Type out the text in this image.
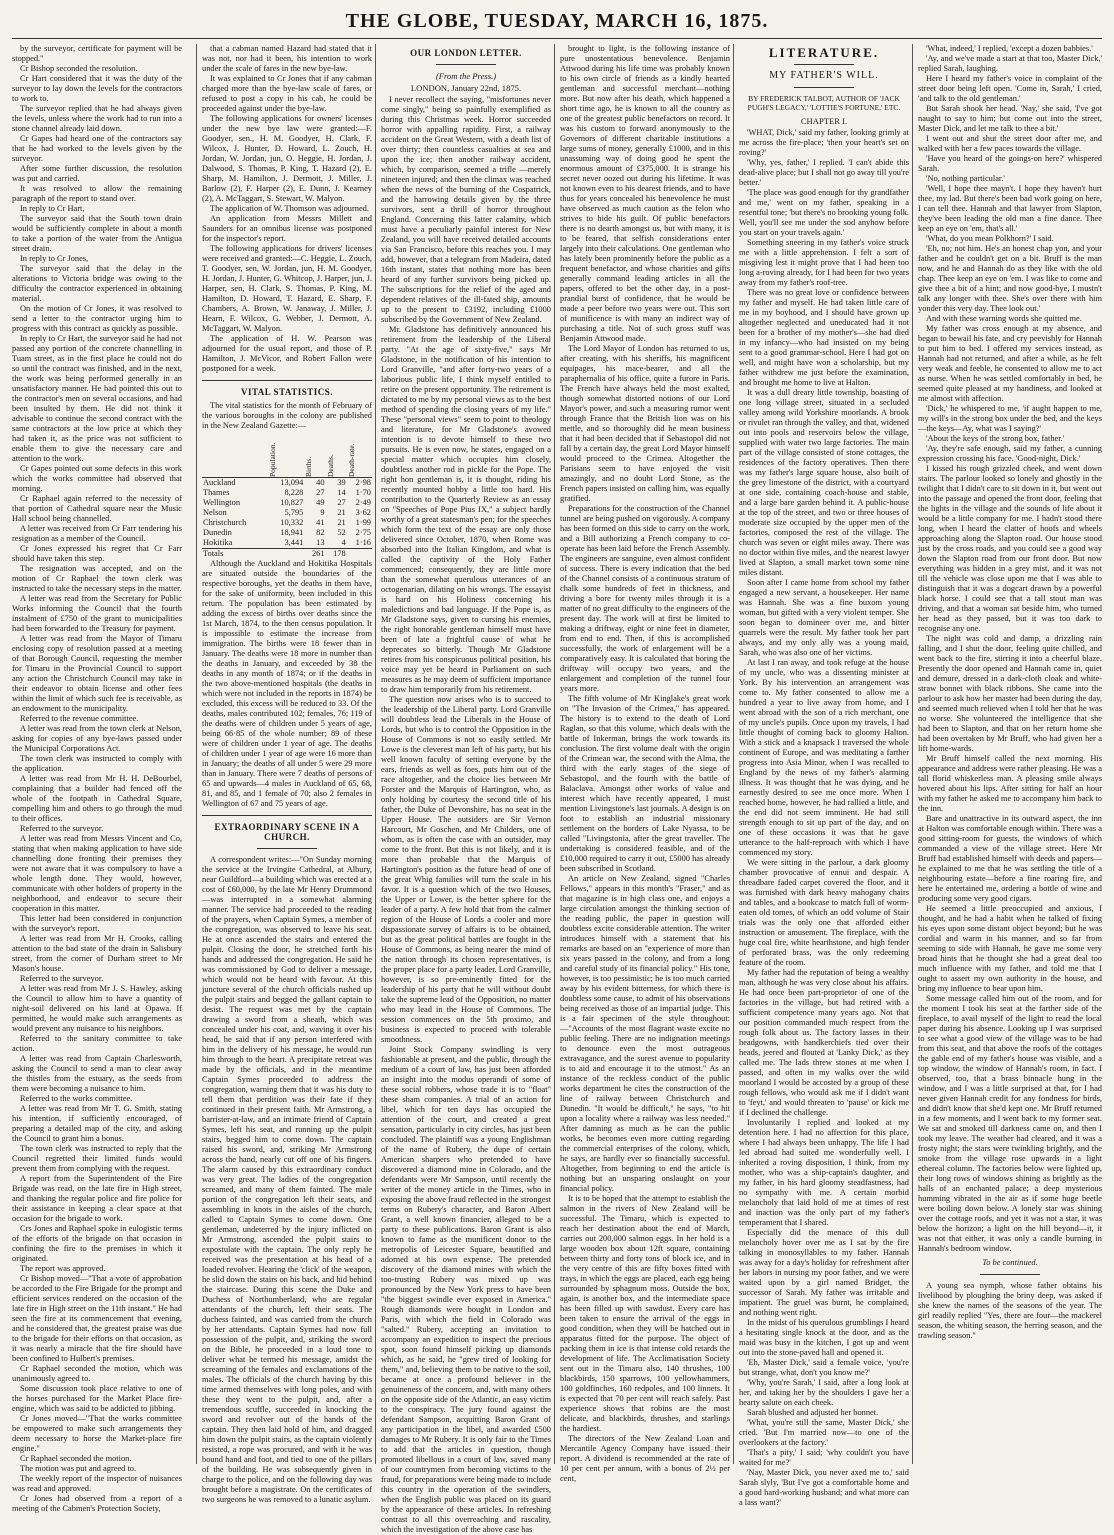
THE GLOBE, TUESDAY, MARCH 16, 1875.

by the surveyor, certificate for payment will be stopped."

Cr Bishop seconded the resolution.

Cr Hart considered that it was the duty of the surveyor to lay down the levels for the contractors to work to.

The surveyor replied that he had always given the levels, unless where the work had to run into a stone channel already laid down.

Cr Gapes had heard one of the contractors say that he had worked to the levels given by the surveyor.

After some further discussion, the resolution was put and carried.

It was resolved to allow the remaining paragraph of the report to stand over.

In reply to Cr Hart,

The surveyor said that the South town drain would be sufficiently complete in about a month to take a portion of the water from the Antigua street drain.

In reply to Cr Jones,

The surveyor said that the delay in the alterations to Victoria bridge was owing to the difficulty the contractor experienced in obtaining material.

On the motion of Cr Jones, it was resolved to send a letter to the contractor urging him to progress with this contract as quickly as possible.

In reply to Cr Hart, the surveyor said he had not passed any portion of the concrete channelling in Tuam street, as in the first place he could not do so until the contract was finished, and in the next, the work was being performed generally in an unsatisfactory manner. He had pointed this out to the contractor's men on several occasions, and had been insulted by them. He did not think it advisable to continue the second contract with the same contractors at the low price at which they had taken it, as the price was not sufficient to enable them to give the necessary care and attention to the work.

Cr Gapes pointed out some defects in this work which the works committee had observed that morning.

Cr Raphael again referred to the necessity of that portion of Cathedral square near the Music Hall school being channelled.

A letter was received from Cr Farr tendering his resignation as a member of the Council.

Cr Jones expressed his regret that Cr Farr should have taken this step.

The resignation was accepted, and on the motion of Cr Raphael the town clerk was instructed to take the necessary steps in the matter.

A letter was read from the Secretary for Public Works informing the Council that the fourth instalment of £750 of the grant to municipalities had been forwarded to the Treasury for payment.

A letter was read from the Mayor of Timaru enclosing copy of resolution passed at a meeting of that Borough Council, requesting the member for Timaru in the Provincial Council to support any action the Christchurch Council may take in their endeavor to obtain license and other fees within the limit of which such fee is receivable, as an endowment to the municipality.

Referred to the revenue committee.

A letter was read from the town clerk at Nelson, asking for copies of any bye-laws passed under the Municipal Corporations Act.

The town clerk was instructed to comply with the application.

A letter was read from Mr H. H. DeBourbel, complaining that a builder had fenced off the whole of the footpath in Cathedral Square, compelling him and others to go through the mud to their offices.

Referred to the surveyor.

A letter was read from Messrs Vincent and Co, stating that when making application to have side channelling done fronting their premises they were not aware that it was compulsory to have a whole length done. They would, however, communicate with other holders of property in the neighborhood, and endeavor to secure their cooperation in this matter.

This letter had been considered in conjunction with the surveyor's report.

A letter was read from Mr H. Crooks, calling attention to the bad state of the drain in Salisbury street, from the corner of Durham street to Mr Mason's house.

Referred to the surveyor.

A letter was read from Mr J. S. Hawley, asking the Council to allow him to have a quantity of night-soil delivered on his land at Opawa. If permitted, he would make such arrangements as would prevent any nuisance to his neighbors.

Referred to the sanitary committee to take action.

A letter was read from Captain Charlesworth, asking the Council to send a man to clear away the thistles from the estuary, as the seeds from them were becoming a nuisance to him.

Referred to the works committee.

A letter was read from Mr T. G. Smith, stating his intention, if sufficiently encouraged, of preparing a detailed map of the city, and asking the Council to grant him a bonus.

The town clerk was instructed to reply that the Council regretted their limited funds would prevent them from complying with the request.

A report from the Superintendent of the Fire Brigade was read, on the late fire in High street, and thanking the regular police and fire police for their assistance in keeping a clear space at that occasion for the brigade to work.

Crs Jones and Raphael spoke in eulogistic terms of the efforts of the brigade on that occasion in confining the fire to the premises in which it originated.

The report was approved.

Cr Bishop moved—"That a vote of approbation be accorded to the Fire Brigade for the prompt and efficient services rendered on the occasion of the late fire in High street on the 11th instant." He had seen the fire at its commencement that evening, and he considered that, the greatest praise was due to the brigade for their efforts on that occasion, as it was nearly a miracle that the fire should have been confined to Hulbert's premises.

Cr Raphael seconded the motion, which was unanimously agreed to.

Some discussion took place relative to one of the horses purchased for the Market Place fire-engine, which was said to be addicted to jibbing.

Cr Jones moved—"That the works committee be empowered to make such arrangements they deem necessary to horse the Market-place fire engine."

Cr Raphael seconded the motion.

The motion was put and agreed to.

The weekly report of the inspector of nuisances was read and approved.

Cr Jones had observed from a report of a meeting of the Cabmen's Protection Society,

that a cabman named Hazard had stated that it was not, nor had it been, his intention to work under the scale of fares in the new bye-law.

It was explained to Cr Jones that if any cabman charged more than the bye-law scale of fares, or refused to post a copy in his cab, he could be proceeded against under the bye-law.

The following applications for owners' licenses under the new bye law were granted:—F. Goodyer, sen., H. M. Goodyer, H. Clark, F. Wilcox, J. Hunter, D. Howard, L. Zouch, H. Jordan, W. Jordan, jun, O. Heggie, H. Jordan, J. Dalwood, S. Thomas, P. King, T. Hazard (2), E. Sharp, M. Hamilton, J. Dermott, J. Miller, J. Barlow (2), F. Harper (2), E. Dunn, J. Kearney (2), A. McTaggart, S. Stewart, W. Malyon.

The application of W. Thomson was adjourned.

An application from Messrs Millett and Saunders for an omnibus license was postponed for the inspector's report.

The following applications for drivers' licenses were received and granted:—C. Heggie, L. Zouch, T. Goodyer, sen, W. Jordan, jun, H. M. Goodyer, H. Jordan, J. Hunter, G. Whitcop, J. Harper, jun, J. Harper, sen, H. Clark, S. Thomas, P. King, M. Hamilton, D. Howard, T. Hazard, E. Sharp, F. Chambers, A. Brown, W. Janaway, J. Miller, J. Hearn, F. Wilcox, G. Webber, J. Dermott, A. McTaggart, W. Malyon.

The application of H. W. Pearson was adjourned for the usual report, and those of P. Hamilton, J. McVicor, and Robert Fallon were postponed for a week.

VITAL STATISTICS.

The vital statistics for the month of February of the various boroughs in the colony are published in the New Zealand Gazette:—

	Population.	Births.	Deaths.	Death-rate.
Auckland	13,094	40	39	2·98
Thames	8,228	27	14	1·70
Wellington	10,827	49	27	2·49
Nelson	5,795	9	21	3·62
Christchurch	10,332	41	21	1·99
Dunedin	18,941	82	52	2·75
Hokitika	3,441	13	4	1·16
Totals		261	178	

Although the Auckland and Hokitika Hospitals are situated outside the boundaries of the respective boroughs, yet the deaths in them have, for the sake of uniformity, been included in this return. The population has been estimated by adding the excess of births over deaths since the 1st March, 1874, to the then census population. It is impossible to estimate the increase from immigration. The births were 18 fewer than in January. The deaths were 18 more in number than the deaths in January, and exceeded by 38 the deaths in any month of 1874; or if the deaths in the two above-mentioned hospitals (the deaths in which were not included in the reports in 1874) be excluded, this excess will be reduced to 33. Of the deaths, males contributed 102; females, 76; 119 of the deaths were of children under 5 years of age, being 66·85 of the whole number; 89 of these were of children under 1 year of age. The deaths of children under 1 year of age were 16 more than in January; the deaths of all under 5 were 29 more than in January. There were 7 deaths of persons of 65 and upwards—4 males in Auckland of 65, 68, 81, and 85, and 1 female of 70; also 2 females in Wellington of 67 and 75 years of age.

EXTRAORDINARY SCENE IN A CHURCH.

A correspondent writes:—"On Sunday morning the service at the Irvingite Cathedral, at Albury, near Guildford—a building which was erected at a cost of £60,000, by the late Mr Henry Drummond—was interrupted in a somewhat alarming manner. The service had proceeded to the reading of the prayers, when Captain Symes, a member of the congregation, was observed to leave his seat. He at once ascended the stairs and entered the pulpit. Closing the door, he stretched forth his hands and addressed the congregation. He said he was commissioned by God to deliver a message, which would not be heard with favour. At this juncture several of the church officials rushed up the pulpit stairs and begged the gallant captain to desist. The request was met by the captain drawing a sword from a sheath, which was concealed under his coat, and, waving it over his head, he said that if any person interfered with him in the delivery of his message, he would run him through to the heart. A precipitate retreat was made by the officials, and in the meantime Captain Symes proceeded to address the congregation, warning them that it was his duty to tell them that perdition was their fate if they continued in their present faith. Mr Armstrong, a barrister-at-law, and an intimate friend of Captain Symes, left his seat, and running up the pulpit stairs, begged him to come down. The captain raised his sword, and, striking Mr Armstrong across the hand, nearly cut off one of his fingers. The alarm caused by this extraordinary conduct was very great. The ladies of the congregation screamed, and many of them fainted. The male portion of the congregation left their seats, and assembling in knots in the aisles of the church, called to Captain Symes to come down. One gentleman, undeterred by the injury inflicted on Mr Armstrong, ascended the pulpit stairs to expostulate with the captain. The only reply he received was the presentation at his head of a loaded revolver. Hearing the 'click' of the weapon, he slid down the stairs on his back, and hid behind the staircase. During this scene the Duke and Duchess of Northumberland, who are regular attendants of the church, left their seats. The duchess fainted, and was carried from the church by her attendants. Captain Symes had now full possession of the pulpit, and, striking the sword on the Bible, he proceeded in a loud tone to deliver what he termed his message, amidst the screaming of the females and exclamations of the males. The officials of the church having by this time armed themselves with long poles, and with these they went to the pulpit, and, after a tremendous scuffle, succeeded in knocking the sword and revolver out of the hands of the captain. They then laid hold of him, and dragged him down the pulpit stairs, as the captain violently resisted, a rope was procured, and with it he was bound hand and foot, and tied to one of the pillars of the building. He was subsequently given in charge to the police, and on the following day was brought before a magistrate. On the certificates of two surgeons he was removed to a lunatic asylum.

OUR LONDON LETTER.
(From the Press.)
LONDON, January 22nd, 1875.

I never recollect the saying, "misfortunes never come singly," being so painfully exemplified as during this Christmas week. Horror succeeded horror with appalling rapidity. First, a railway accident on the Great Western, with a death list of over thirty; then countless casualties at sea and upon the ice; then another railway accident, which, by comparison, seemed a trifle —merely nineteen injured; and then the climax was reached when the news of the burning of the Cospatrick, and the harrowing details given by the three survivors, sent a thrill of horror throughout England. Concerning this latter calamity, which must have a peculiarly painful interest for New Zealand, you will have received detailed accounts via San Francisco, before this reaches you. I may add, however, that a telegram from Madeira, dated 16th instant, states that nothing more has been heard of any further survivors being picked up. The subscriptions for the relief of the aged and dependent relatives of the ill-fated ship, amounts up to the present to £3192, including £1000 subscribed by the Government of New Zealand.

Mr. Gladstone has definitively announced his retirement from the leadership of the Liberal party. "At the age of sixty-five," says Mr Gladstone, in the notification of his intention to Lord Granville, "and after forty-two years of a laborious public life, I think myself entitled to retire on the present opportunity. The retirement is dictated to me by my personal views as to the best method of spending the closing years of my life." These "personal views" seem to point to theology and literature, for Mr Gladstone's avowed intention is to devote himself to these two pursuits. He is even now, he states, engaged on a special matter which occupies him closely, doubtless another rod in pickle for the Pope. The right hon gentleman is, it is thought, riding his recently mounted hobby a little too hard. His contribution to the Quarterly Review as an essay on "Speeches of Pope Pius IX," a subject hardly worthy of a great statesman's pen; for the speeches which form the text of the essay are only those delivered since October, 1870, when Rome was absorbed into the Italian Kingdom, and what is called the captivity of the Holy Father commenced; consequently, they are little more than the somewhat querulous utterances of an octogenarian, dilating on his wrongs. The essayist is hard on his Holiness concerning his maledictions and bad language. If the Pope is, as Mr Gladstone says, given to cursing his enemies, the right honorable gentleman himself must have been of late a frightful cause of what he deprecates so bitterly. Though Mr Gladstone retires from his conspicuous political position, his voice may yet be heard in Parliament on such measures as he may deem of sufficient importance to draw him temporarily from his retirement.

The question now arises who is to succeed to the leadership of the Liberal party. Lord Granville will doubtless lead the Liberals in the House of Lords, but who is to control the Opposition in the House of Commons is not so easily settled. Mr Lowe is the cleverest man left of his party, but his well known faculty of setting everyone by the ears, friends as well as foes, puts him out of the race altogether, and the choice lies between Mr Forster and the Marquis of Hartington, who, as only holding by courtesy the second title of his father, the Duke of Devonshire, has no seat in the Upper House. The outsiders are Sir Vernon Harcourt, Mr Goschen, and Mr Childers, one of whom, as is often the case with an outsider, may come to the front. But this is not likely, and it is more than probable that the Marquis of Hartington's position as the future head of one of the great Whig families will turn the scale in his favor. It is a question which of the two Houses, the Upper or Lower, is the better sphere for the leader of a party. A few hold that from the calmer region of the House of Lords a cooler and more dispassionate survey of affairs is to be obtained, but as the great political battles are fought in the House of Commons, as being nearer the mind of the nation through its chosen representatives, is the proper place for a party leader. Lord Granville, however, is so pre-eminently fitted for the leadership of his party that he will without doubt take the supreme lead of the Opposition, no matter who may lead in the House of Commons. The session commences on the 5th proximo, and business is expected to proceed with tolerable smoothness.

Joint Stock Company swindling is very fashionable at present, and the public, through the medium of a court of law, has just been afforded an insight into the modus operandi of some of these social robbers, whose trade it is to "float" these sham companies. A trial of an action for libel, which for ten days has occupied the attention of the court, and created a great sensation, particularly in city circles, has just been concluded. The plaintiff was a young Englishman of the name of Rubery, the dupe of certain American sharpers who pretended to have discovered a diamond mine in Colorado, and the defendants were Mr Sampson, until recently the writer of the money article in the Times, who in exposing the above fraud reflected in the strongest terms on Rubery's character, and Baron Albert Grant, a well known financier, alleged to be a party to these publications. Baron Grant is also known to fame as the munificent donor to the metropolis of Leicester Square, beautified and adorned at his own expense. The pretended discovery of the diamond mines with which the too-trusting Rubery was mixed up was pronounced by the New York press to have been "the biggest swindle ever exposed in America." Rough diamonds were bought in London and Paris, with which the field in Colorado was "salted." Rubery, accepting an invitation to accompany an expedition to inspect the precious spot, soon found himself picking up diamonds which, as he said, he "grew tired of looking for them," and, believing them to be native to the soil, became at once a profound believer in the genuineness of the concern, and, with many others on the opposite side of the Atlantic, an easy victim to the conspiracy. The jury found against the defendant Sampson, acquitting Baron Grant of any participation in the libel, and awarded £500 damages to Mr Rubery. It is only fair to the Times to add that the articles in question, though promoted libellous in a court of law, saved many of our countrymen from becoming victims to the fraud, for preparations were being made to include this country in the operation of the swindlers, when the English public was placed on its guard by the appearance of these articles. In refreshing contrast to all this overreaching and rascality, which the investigation of the above case has

brought to light, is the following instance of pure unostentatious benevolence. Benjamin Attwood during his life time was probably known to his own circle of friends as a kindly hearted gentleman and successful merchant—nothing more. But now after his death, which happened a short time ago, he is known to all the country as one of the greatest public benefactors on record. It was his custom to forward anonymously to the Governors of different charitable institutions a large sums of money, generally £1000, and in this unassuming way of doing good he spent the enormous amount of £375,000. It is strange his secret never oozed out during his lifetime. It was not known even to his dearest friends, and to have thus for years concealed his benevolence he must have observed as much caution as the felon who strives to hide his guilt. Of public benefactors there is no dearth amongst us, but with many, it is to be feared, that selfish considerations enter largely into their calculations. One gentleman who has lately been prominently before the public as a frequent benefactor, and whose charities and gifts generally command leading articles in all the papers, offered to bet the other day, in a post-prandial burst of confidence, that he would be made a peer before two years were out. This sort of munificence is with many an indirect way of purchasing a title. Not of such gross stuff was Benjamin Attwood made.

The Lord Mayor of London has returned to us, after creating, with his sheriffs, his magnificent equipages, his mace-bearer, and all the paraphernalia of his office, quite a furore in Paris. The French have always held the most exalted, though somewhat distorted notions of our Lord Mayor's power, and such a measuring rumor went through France that the British lion was on his mettle, and so thoroughly did he mean business that it had been decided that if Sebastopol did not fall by a certain day, the great Lord Mayor himself would proceed to the Crimea. Altogether the Parisians seem to have enjoyed the visit amazingly, and no doubt Lord Stone, as the French papers insisted on calling him, was equally gratified.

Preparations for the construction of the Channel tunnel are being pushed on vigorously. A company has been formed on this side to carry on the work, and a Bill authorizing a French company to co-operate has been laid before the French Assembly. The engineers are sanguine, even almost confident of success. There is every indication that the bed of the Channel consists of a continuous stratum of chalk some hundreds of feet in thickness, and driving a bore for twenty miles through it is a matter of no great difficulty to the engineers of the present day. The work will at first be limited to making a driftway, eight or nine feet in diameter, from end to end. Then, if this is accomplished successfully, the work of enlargement will be a comparatively easy. It is calculated that boring the driftway will occupy two years, and the enlargement and completion of the tunnel four years more.

The fifth volume of Mr Kinglake's great work on "The Invasion of the Crimea," has appeared. The history is to extend to the death of Lord Raglan, so that this volume, which deals with the battle of Inkerman, brings the work towards its conclusion. The first volume dealt with the origin of the Crimean war, the second with the Alma, the third with the early stages of the siege of Sebastopol, and the fourth with the battle of Balaclava. Amongst other works of value and interest which have recently appeared, I must mention Livingstone's last journals. A design is on foot to establish an industrial missionary settlement on the borders of Lake Nyassa, to be called "Livingstonia, after the great traveller. The undertaking is considered feasible, and of the £10,000 required to carry it out, £5000 has already been subscribed in Scotland.

An article on New Zealand, signed "Charles Fellows," appears in this month's "Fraser," and as that magazine is in high class one, and enjoys a large circulation amongst the thinking section of the reading public, the paper in question will doubtless excite considerable attention. The writer introduces himself with a statement that his remarks are based on an "experience of more than six years passed in the colony, and from a long and careful study of its financial policy." His tone, however, is too pessimistic; he is too much carried away by his evident bitterness, for which there is doubtless some cause, to admit of his observations being received as those of an impartial judge. This is a fair specimen of the style throughout:—"Accounts of the most flagrant waste excite no public feeling. There are no indignation meetings to denounce even the most outrageous extravagance, and the surest avenue to popularity is to aid and encourage it to the utmost." As an instance of the reckless conduct of the public works department he cites the construction of the line of railway between Christchurch and Dunedin. "It would be difficult," he says, "to hit upon a locality where a railway was less needed." After damning as much as he can the public works, he becomes even more cutting regarding the commercial enterprises of the colony, which, he says, are hardly ever so financially successful. Altogether, from beginning to end the article is nothing but an unsparing onslaught on your financial policy.

It is to be hoped that the attempt to establish the salmon in the rivers of New Zealand will be successful. The Timaru, which is expected to reach her destination about the end of March, carries out 200,000 salmon eggs. In her hold is a large wooden box about 12ft square, containing between thirty and forty tons of block ice, and in the very centre of this are fifty boxes fitted with trays, in which the eggs are placed, each egg being surrounded by sphagnum moss. Outside the box, again, is another box, and the intermediate space has been filled up with sawdust. Every care has been taken to ensure the arrival of the eggs in good condition, when they will be hatched out in apparatus fitted for the purpose. The object of packing them in ice is that intense cold retards the development of life. The Acclimatisation Society sent out in the Timaru also, 140 thrushes, 100 blackbirds, 150 sparrows, 100 yellowhammers, 100 goldfinches, 160 redpoles, and 100 linnets. It is expected that 70 per cent will reach safely. Past experience shows that robins are the most delicate, and blackbirds, thrushes, and starlings the hardiest.

The directors of the New Zealand Loan and Mercantile Agency Company have issued their report. A dividend is recommended at the rate of 10 per cent per annum, with a bonus of 2½ per cent,

LITERATURE.
MY FATHER'S WILL.
BY FREDERICK TALBOT, AUTHOR OF 'JACK PUGH'S LEGACY,' 'LOTTIE'S FORTUNE,' ETC.
CHAPTER I.

'WHAT, Dick,' said my father, looking grimly at me across the fire-place; 'then your heart's set on roving?'

'Why, yes, father,' I replied. 'I can't abide this dead-alive place; but I shall not go away till you're better.'

'The place was good enough for thy grandfather and me,' went on my father, speaking in a resentful tone; 'but there's no brooking young folk. Well, you'll see me under the sod anyhow before you start on your travels again.'

Something sneering in my father's voice struck me with a little apprehension. I felt a sort of misgiving lest it might prove that I had been too long a-roving already, for I had been for two years away from my father's roof-tree.

There was no great love or confidence between my father and myself. He had taken little care of me in my boyhood, and I should have grown up altogether neglected and uneducated had it not been for a brother of my mother's—she had died in my infancy—who had insisted on my being sent to a good grammar-school. Here I had got on well, and might have won a scholarship, but my father withdrew me just before the examination, and brought me home to live at Halton.

It was a dull dreary little township, boasting of one long village street, situated in a secluded valley among wild Yorkshire moorlands. A brook or rivulet ran through the valley, and that, widened out into pools and reservoirs below the village, supplied with water two large factories. The main part of the village consisted of stone cottages, the residences of the factory operatives. Then there was my father's large square house, also built of the grey limestone of the district, with a courtyard at one side, containing coach-house and stable, and a large bare garden behind it. A public-house at the top of the street, and two or three houses of moderate size occupied by the upper men of the factories, composed the rest of the village. The church was seven or eight miles away. There was no doctor within five miles, and the nearest lawyer lived at Slapton, a small market town some nine miles distant.

Soon after I came home from school my father engaged a new servant, a housekeeper. Her name was Hannah. She was a fine buxom young woman, but gifted with a very violent temper. She soon began to domineer over me, and bitter quarrels were the result. My father took her part always, and my only ally was a young maid, Sarah, who was also one of her victims.

At last I ran away, and took refuge at the house of my uncle, who was a dissenting minister at York. By his intervention an arrangement was come to. My father consented to allow me a hundred a year to live away from home, and I went abroad with the son of a rich merchant, one of my uncle's pupils. Once upon my travels, I had little thought of coming back to gloomy Halton. With a stick and a knapsack I traversed the whole continent of Europe, and was meditating a farther progress into Asia Minor, when I was recalled to England by the news of my father's alarming illness. It was thought that he was dying, and he earnestly desired to see me once more. When I reached home, however, he had rallied a little, and the end did not seem imminent. He had still strength enough to sit up part of the day, and on one of these occasions it was that he gave utterance to the half-reproach with which I have commenced my story.

We were sitting in the parlour, a dark gloomy chamber provocative of ennui and despair. A threadbare faded carpet covered the floor, and it was furnished with dark heavy mahogany chairs and tables, and a bookcase to match full of worm-eaten old tomes, of which an odd volume of Stair trials was the only one that afforded either instruction or amusement. The fireplace, with the huge coal fire, white hearthstone, and high fender of perforated brass, was the only redeeming feature of the room.

My father had the reputation of being a wealthy man, although he was very close about his affairs. He had once been part-proprietor of one of the factories in the village, but had retired with a sufficient competence many years ago. Not that our position commanded much respect from the rough folk about us. The factory lasses in their headgowns, with handkerchiefs tied over their heads, jeered and flouted at 'Lanky Dick,' as they called me. The lads threw stones at me when I passed, and often in my walks over the wild moorland I would be accosted by a group of these rough fellows, who would ask me if I didn't want to 'feyt,' and would threaten to 'pause' or kick me if I declined the challenge.

Involuntarily I replied and looked at my detention here. I had no affection for this place, where I had always been unhappy. The life I had led abroad had suited me wonderfully well. I inherited a roving disposition, I think, from my mother, who was a ship-captain's daughter, and my father, in his hard gloomy steadfastness, had no sympathy with me. A certain morbid melancholy that laid hold of me at times of rest and inaction was the only part of my father's temperament that I shared.

Especially did the menace of this dull melancholy hover over me as I sat by the fire talking in monosyllables to my father. Hannah was away for a day's holiday for refreshment after her labors in nursing my poor father, and we were waited upon by a girl named Bridget, the successor of Sarah. My father was irritable and impatient. The gruel was burnt, he complained, and nothing went right.

In the midst of his querulous grumblings I heard a hesitating single knock at the door, and as the maid was busy in the kitchen, I got up and went out into the stone-paved hall and opened it.

'Eh, Master Dick,' said a female voice, 'you're but strange, what, don't you know me?'

'Why, you're Sarah,' I said, after a long look at her, and taking her by the shoulders I gave her a hearty salute on each cheek.

Sarah blushed and adjusted her bonnet.

'What, you're still the same, Master Dick,' she cried. 'But I'm married now—to one of the overlookers at the factory.'

'That's a pity,' I said; 'why couldn't you have waited for me?'

'Nay, Master Dick, you never axed me to,' said Sarah slyly, 'But I've got a comfortable home and a good hard-working husband; and what more can a lass want?'

'What, indeed,' I replied, 'except a dozen babbies.'

'Ay, and we've made a start at that too, Master Dick,' replied Sarah, laughing.

Here I heard my father's voice in complaint of the street door being left open. 'Come in, Sarah,' I cried, 'and talk to the old gentleman.'

But Sarah shook her head. 'Nay,' she said, 'I've got naught to say to him; but come out into the street, Master Dick, and let me talk to thee a bit.'

I went out and shut the street door after me, and walked with her a few paces towards the village.

'Have you heard of the goings-on here?' whispered Sarah.

'No, nothing particular.'

'Well, I hope thee mayn't. I hope they haven't hurt thee, my lad. But there's been bad work going on here, I can tell thee. Hannah and that lawyer from Slapton, they've been leading the old man a fine dance. Thee keep an eye on 'em, that's all.'

'What, do you mean Polkhorn?' I said.

'Eh, no; not him. He's an honest chap yon, and your father and he couldn't get on a bit. Bruff is the man now, and he and Hannah do as they like with the old chap. Thee keep an eye on 'em. I was like to come and give thee a bit of a hint; and now good-bye, I mustn't talk any longer with thee. She's over there with him yonder this very day. Thee look out.'

And with these warning words she quitted me.

My father was cross enough at my absence, and began to bewail his fate, and cry peevishly for Hannah to put him to bed. I offered my services instead, as Hannah had not returned, and after a while, as he felt very weak and feeble, he consented to allow me to act as nurse. When he was settled comfortably in bed, he seemed quite pleased at my handiness, and looked at me almost with affection.

'Dick,' he whispered to me, 'if aught happen to me, my will's in the strong box under the bed, and the keys—the keys—Ay, what was I saying?'

'About the keys of the strong box, father.'

'Ay, they're safe enough, said my father, a cunning expression crossing his face. 'Good-night, Dick.'

I kissed his rough grizzled cheek, and went down stairs. The parlour looked so lonely and ghostly in the twilight that I didn't care to sit down in it, but went out into the passage and opened the front door, feeling that the lights in the village and the sounds of life about it would be a little company for me. I hadn't stood there long, when I heard the clatter of hoofs and wheels approaching along the Slapton road. Our house stood just by the cross roads, and you could see a good way down the Slapton road from our front door. But now everything was hidden in a grey mist, and it was not till the vehicle was close upon me that I was able to distinguish that it was a dogcart drawn by a powerful black horse. I could see that a tall stout man was driving, and that a woman sat beside him, who turned her head as they passed, but it was too dark to recognise any one.

The night was cold and damp, a drizzling rain falling, and I shut the door, feeling quite chilled, and went back to the fire, stirring it into a cheerful blaze. Presently the door opened and Hannah came in, quiet and demure, dressed in a dark-cloth cloak and white-straw bonnet with black ribbons. She came into the parlour to ask how her master had been during the day, and seemed much relieved when I told her that he was no worse. She volunteered the intelligence that she had been to Slapton, and that on her return home she had been overtaken by Mr Bruff, who had given her a lift home-wards.

Mr Bruff himself called the next morning. His appearance and address were rather pleasing. He was a tall florid whiskerless man. A pleasing smile always hovered about his lips. After sitting for half an hour with my father he asked me to accompany him back to the inn.

Bare and unattractive in its outward aspect, the inn at Halton was comfortable enough within. There was a good sitting-room for guests, the windows of which commanded a view of the village street. Here Mr Bruff had established himself with deeds and papers—he explained to me that he was settling the title of a neighbouring estate—before a fine roaring fire, and here he entertained me, ordering a bottle of wine and producing some very good cigars.

He seemed a little preoccupied and anxious, I thought, and he had a habit when he talked of fixing his eyes upon some distant object beyond; but he was cordial and warm in his manner, and so far from seeming to side with Hannah, he gave me some very broad hints that he thought she had a great deal too much influence with my father, and told me that I ought to assert my own authority in the house, and bring my influence to bear upon him.

Some message called him out of the room, and for the moment I took his seat at the farther side of the fireplace, to avail myself of the light to read the local paper during his absence. Looking up I was surprised to see what a good view of the village was to be had from this seat, and that above the roofs of the cottages the gable end of my father's house was visible, and a top window, the window of Hannah's room, in fact. I observed, too, that a brass binnacle hung in the window, and I was a little surprised at that, for I had never given Hannah credit for any fondness for birds, and didn't know that she'd kept one. Mr Bruff returned in a few moments, and I went back to my former seat. We sat and smoked till darkness came on, and then I took my leave. The weather had cleared, and it was a frosty night; the stars were twinkling brightly, and the smoke from the village rose upwards in a light ethereal column. The factories below were lighted up, their long rows of windows shining as brightly as the halls of an enchanted palace; a deep mysterious humming vibrated in the air as if some huge beetle were boiling down below. A lonely star was shining over the cottage roofs, and yet it was not a star, it was below the horizon; a light on the hill beyond—it, it was not that either, it was only a candle burning in Hannah's bedroom window.

To be continued.

A young sea nymph, whose father obtains his livelihood by ploughing the briny deep, was asked if she knew the names of the seasons of the year. The girl readily replied "Yes, there are four—the mackerel season, the whiting season, the herring season, and the trawling season."
